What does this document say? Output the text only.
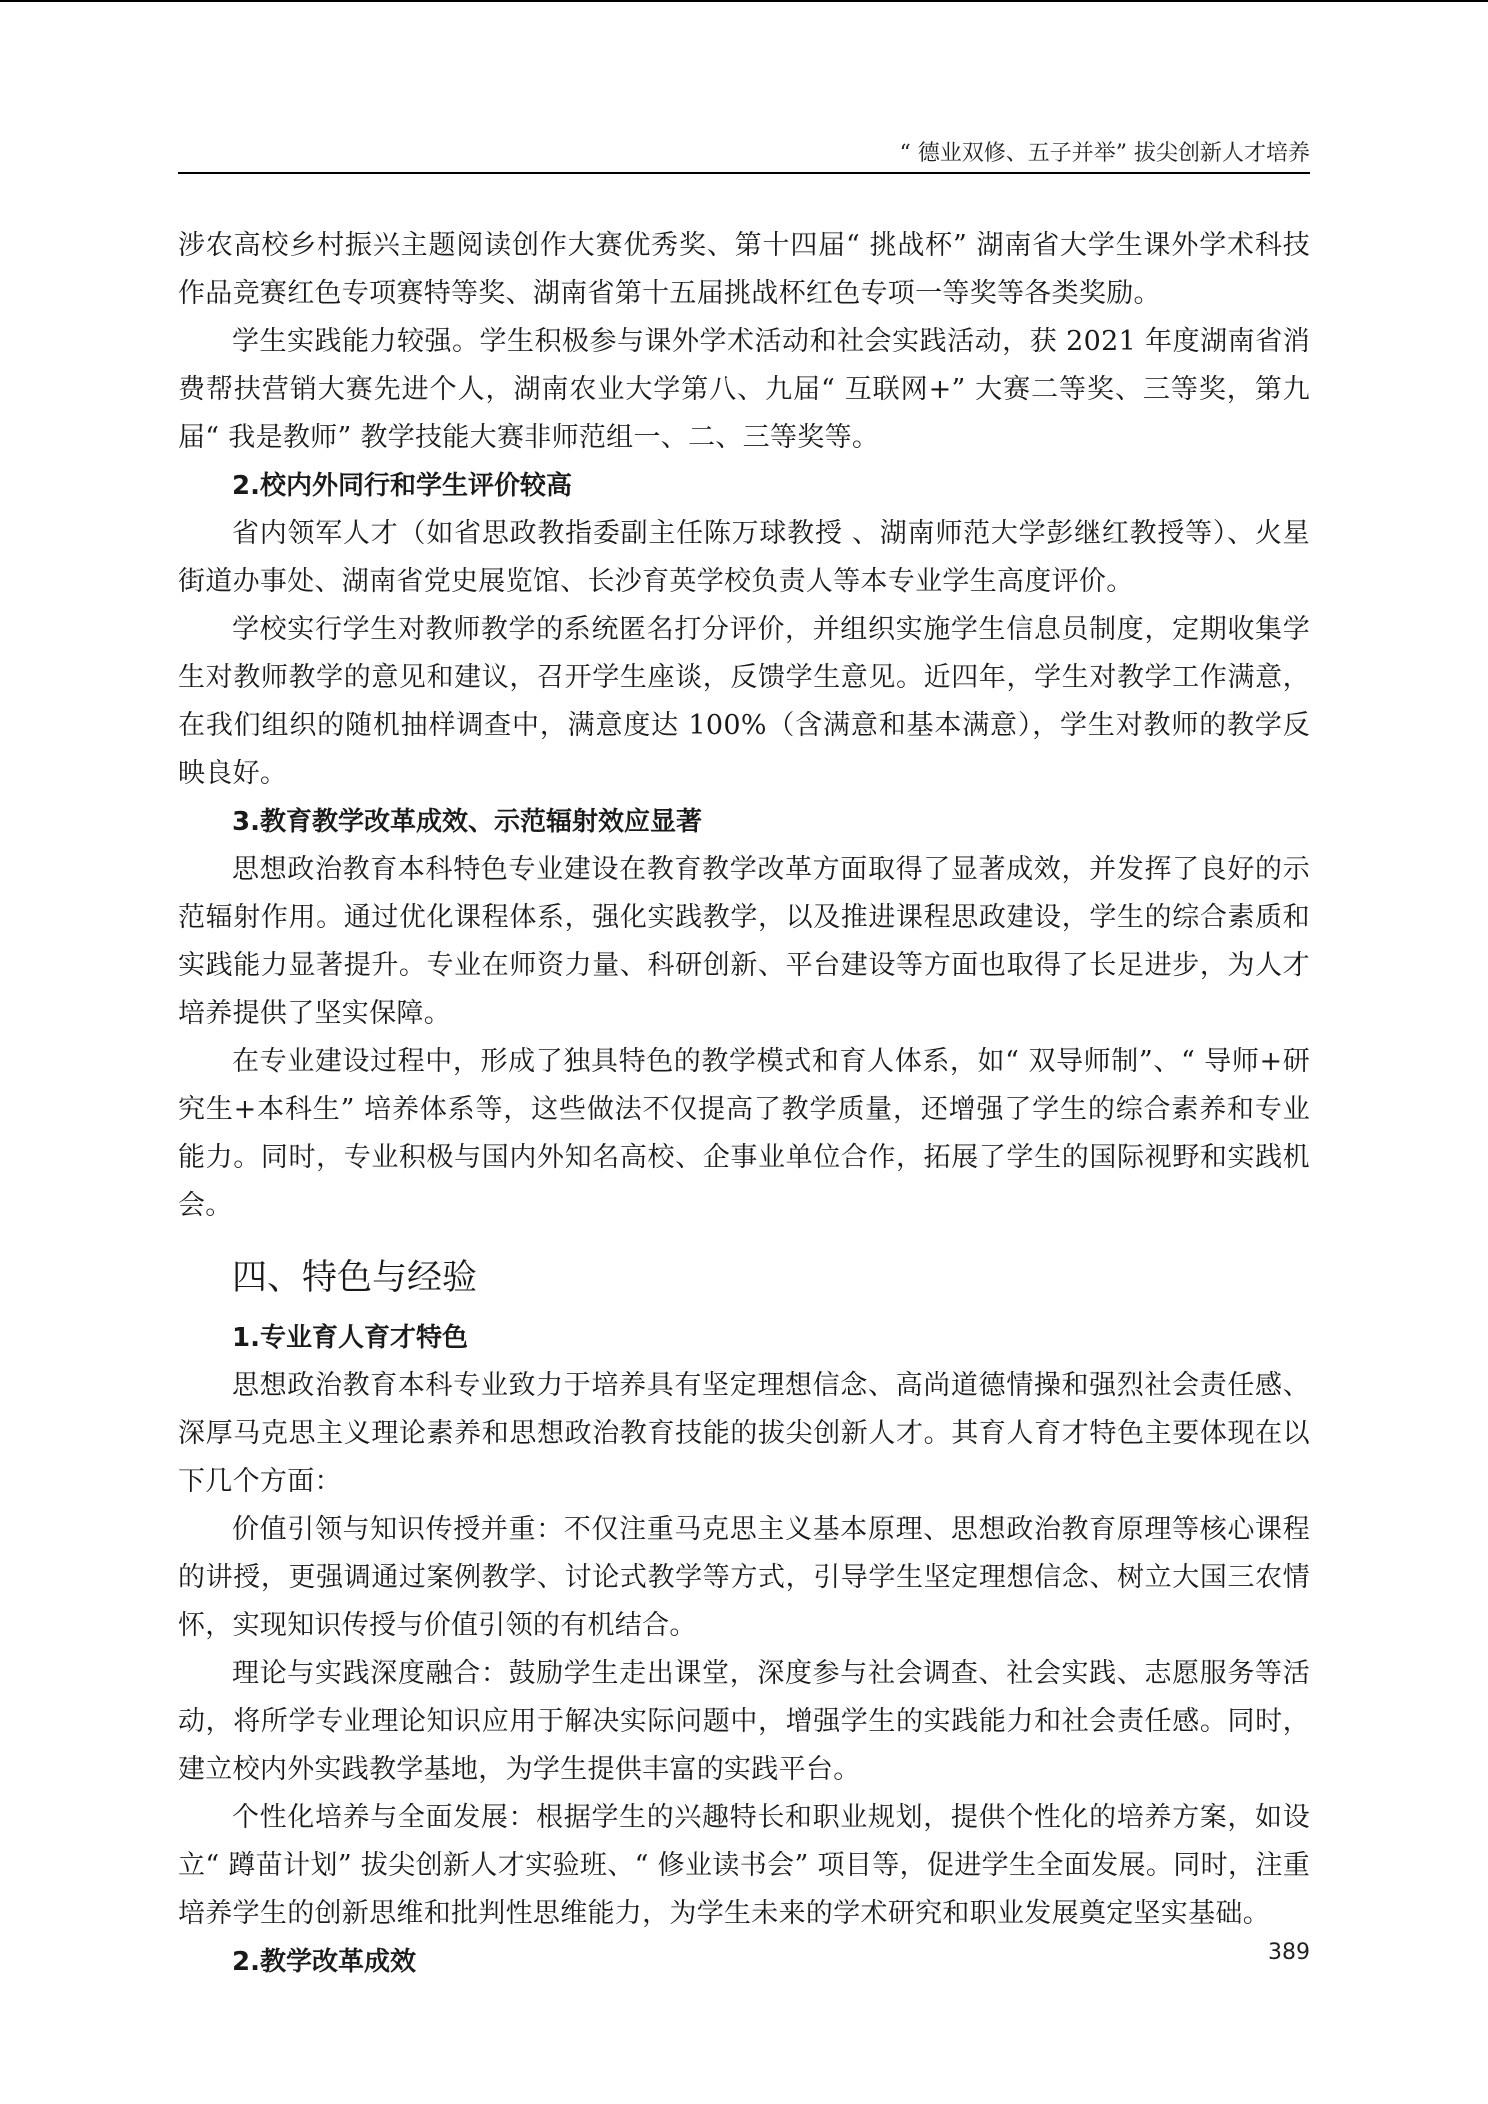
“ 德业双修、五子并举” 拔尖创新人才培养

涉农高校乡村振兴主题阅读创作大赛优秀奖、第十四届“ 挑战杯” 湖南省大学生课外学术科技作品竞赛红色专项赛特等奖、湖南省第十五届挑战杯红色专项一等奖等各类奖励。

学生实践能力较强。学生积极参与课外学术活动和社会实践活动，获 2021 年度湖南省消费帮扶营销大赛先进个人，湖南农业大学第八、九届“ 互联网+” 大赛二等奖、三等奖，第九届“ 我是教师” 教学技能大赛非师范组一、二、三等奖等。

2.校内外同行和学生评价较高

省内领军人才（如省思政教指委副主任陈万球教授 、湖南师范大学彭继红教授等）、火星街道办事处、湖南省党史展览馆、长沙育英学校负责人等本专业学生高度评价。

学校实行学生对教师教学的系统匿名打分评价，并组织实施学生信息员制度，定期收集学生对教师教学的意见和建议，召开学生座谈，反馈学生意见。近四年，学生对教学工作满意，在我们组织的随机抽样调查中，满意度达 100%（含满意和基本满意），学生对教师的教学反映良好。

3.教育教学改革成效、示范辐射效应显著

思想政治教育本科特色专业建设在教育教学改革方面取得了显著成效，并发挥了良好的示范辐射作用。通过优化课程体系，强化实践教学，以及推进课程思政建设，学生的综合素质和实践能力显著提升。专业在师资力量、科研创新、平台建设等方面也取得了长足进步，为人才培养提供了坚实保障。

在专业建设过程中，形成了独具特色的教学模式和育人体系，如“ 双导师制”、“ 导师+研究生+本科生” 培养体系等，这些做法不仅提高了教学质量，还增强了学生的综合素养和专业能力。同时，专业积极与国内外知名高校、企事业单位合作，拓展了学生的国际视野和实践机会。

四、特色与经验

1.专业育人育才特色

思想政治教育本科专业致力于培养具有坚定理想信念、高尚道德情操和强烈社会责任感、深厚马克思主义理论素养和思想政治教育技能的拔尖创新人才。其育人育才特色主要体现在以下几个方面：

价值引领与知识传授并重：不仅注重马克思主义基本原理、思想政治教育原理等核心课程的讲授，更强调通过案例教学、讨论式教学等方式，引导学生坚定理想信念、树立大国三农情怀，实现知识传授与价值引领的有机结合。

理论与实践深度融合：鼓励学生走出课堂，深度参与社会调查、社会实践、志愿服务等活动，将所学专业理论知识应用于解决实际问题中，增强学生的实践能力和社会责任感。同时，建立校内外实践教学基地，为学生提供丰富的实践平台。

个性化培养与全面发展：根据学生的兴趣特长和职业规划，提供个性化的培养方案，如设立“ 蹲苗计划” 拔尖创新人才实验班、“ 修业读书会” 项目等，促进学生全面发展。同时，注重培养学生的创新思维和批判性思维能力，为学生未来的学术研究和职业发展奠定坚实基础。

2.教学改革成效	389
